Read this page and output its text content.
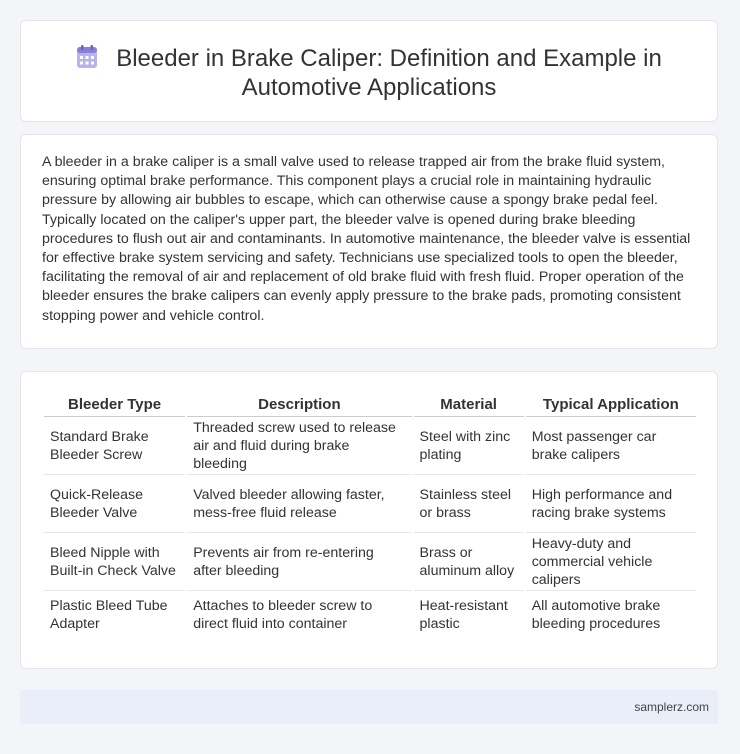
Bleeder in Brake Caliper: Definition and Example in
Automotive Applications
A bleeder in a brake caliper is a small valve used to release trapped air from the brake fluid system, ensuring optimal brake performance. This component plays a crucial role in maintaining hydraulic pressure by allowing air bubbles to escape, which can otherwise cause a spongy brake pedal feel. Typically located on the caliper's upper part, the bleeder valve is opened during brake bleeding procedures to flush out air and contaminants. In automotive maintenance, the bleeder valve is essential for effective brake system servicing and safety. Technicians use specialized tools to open the bleeder, facilitating the removal of air and replacement of old brake fluid with fresh fluid. Proper operation of the bleeder ensures the brake calipers can evenly apply pressure to the brake pads, promoting consistent stopping power and vehicle control.
Bleeder Type	Description	Material	Typical Application
Standard Brake Bleeder Screw	Threaded screw used to release air and fluid during brake bleeding	Steel with zinc plating	Most passenger car brake calipers
Quick-Release Bleeder Valve	Valved bleeder allowing faster, mess-free fluid release	Stainless steel or brass	High performance and racing brake systems
Bleed Nipple with Built-in Check Valve	Prevents air from re-entering after bleeding	Brass or aluminum alloy	Heavy-duty and commercial vehicle calipers
Plastic Bleed Tube Adapter	Attaches to bleeder screw to direct fluid into container	Heat-resistant plastic	All automotive brake bleeding procedures
samplerz.com
